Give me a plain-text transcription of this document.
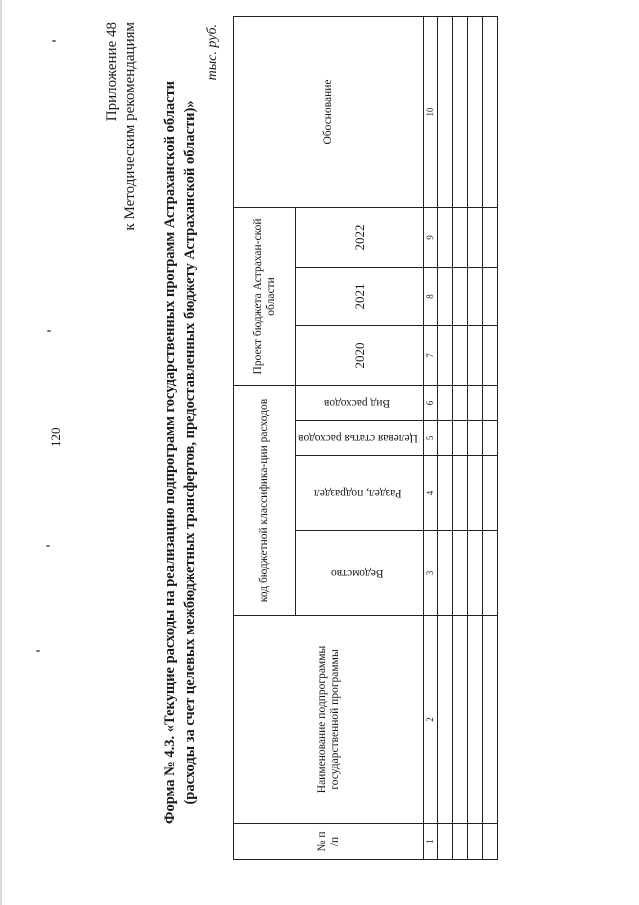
120
Приложение 48 к Методическим рекомендациям Форма № 4.3. «Текущие расходы на реализацию подпрограмм государственных программ Астраханской области (расходы за счет целевых межбюджетных трансфертов, предоставленных бюджету Астраханской области)»
тыс. руб.
№ п /п	Наименование подпрограммы государственной программы	код бюджетной классифика-ции расходов				Проект бюджета Астрахан-ской области			Обоснование

		Ведомство	Раздел, подраздел	Целевая статья расходов	Вид расходов	2020	2021	2022	
1	2	3	4	5	6	7	8	9	10
